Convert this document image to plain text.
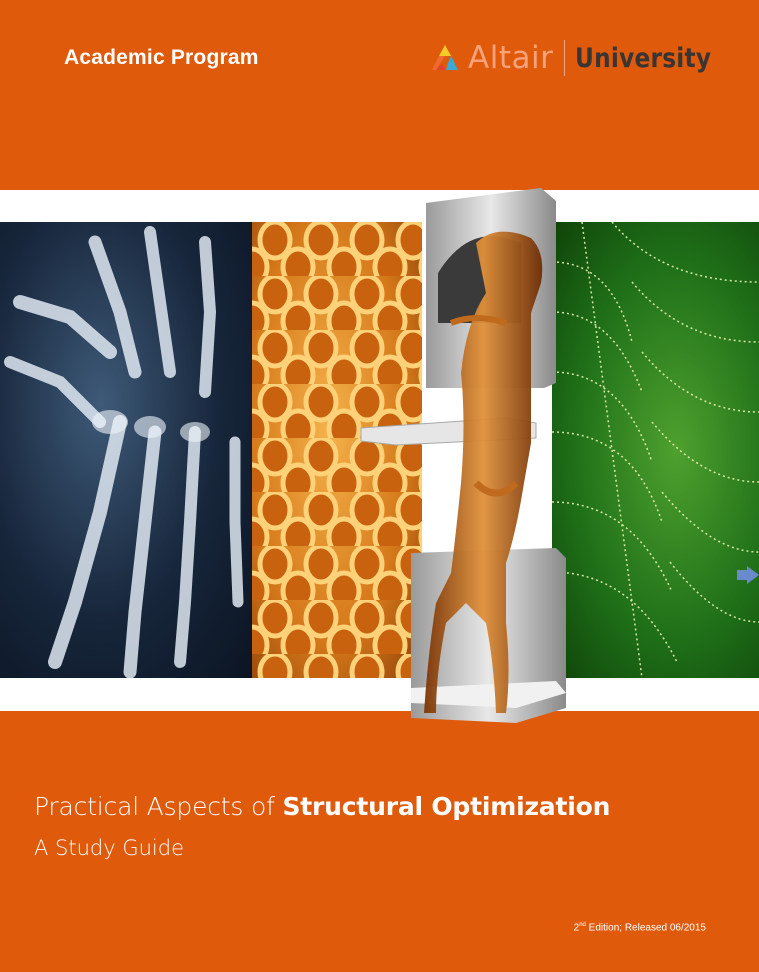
Academic Program	Altair University
Practical Aspects of Structural Optimization
A Study Guide
2nd Edition; Released 06/2015
